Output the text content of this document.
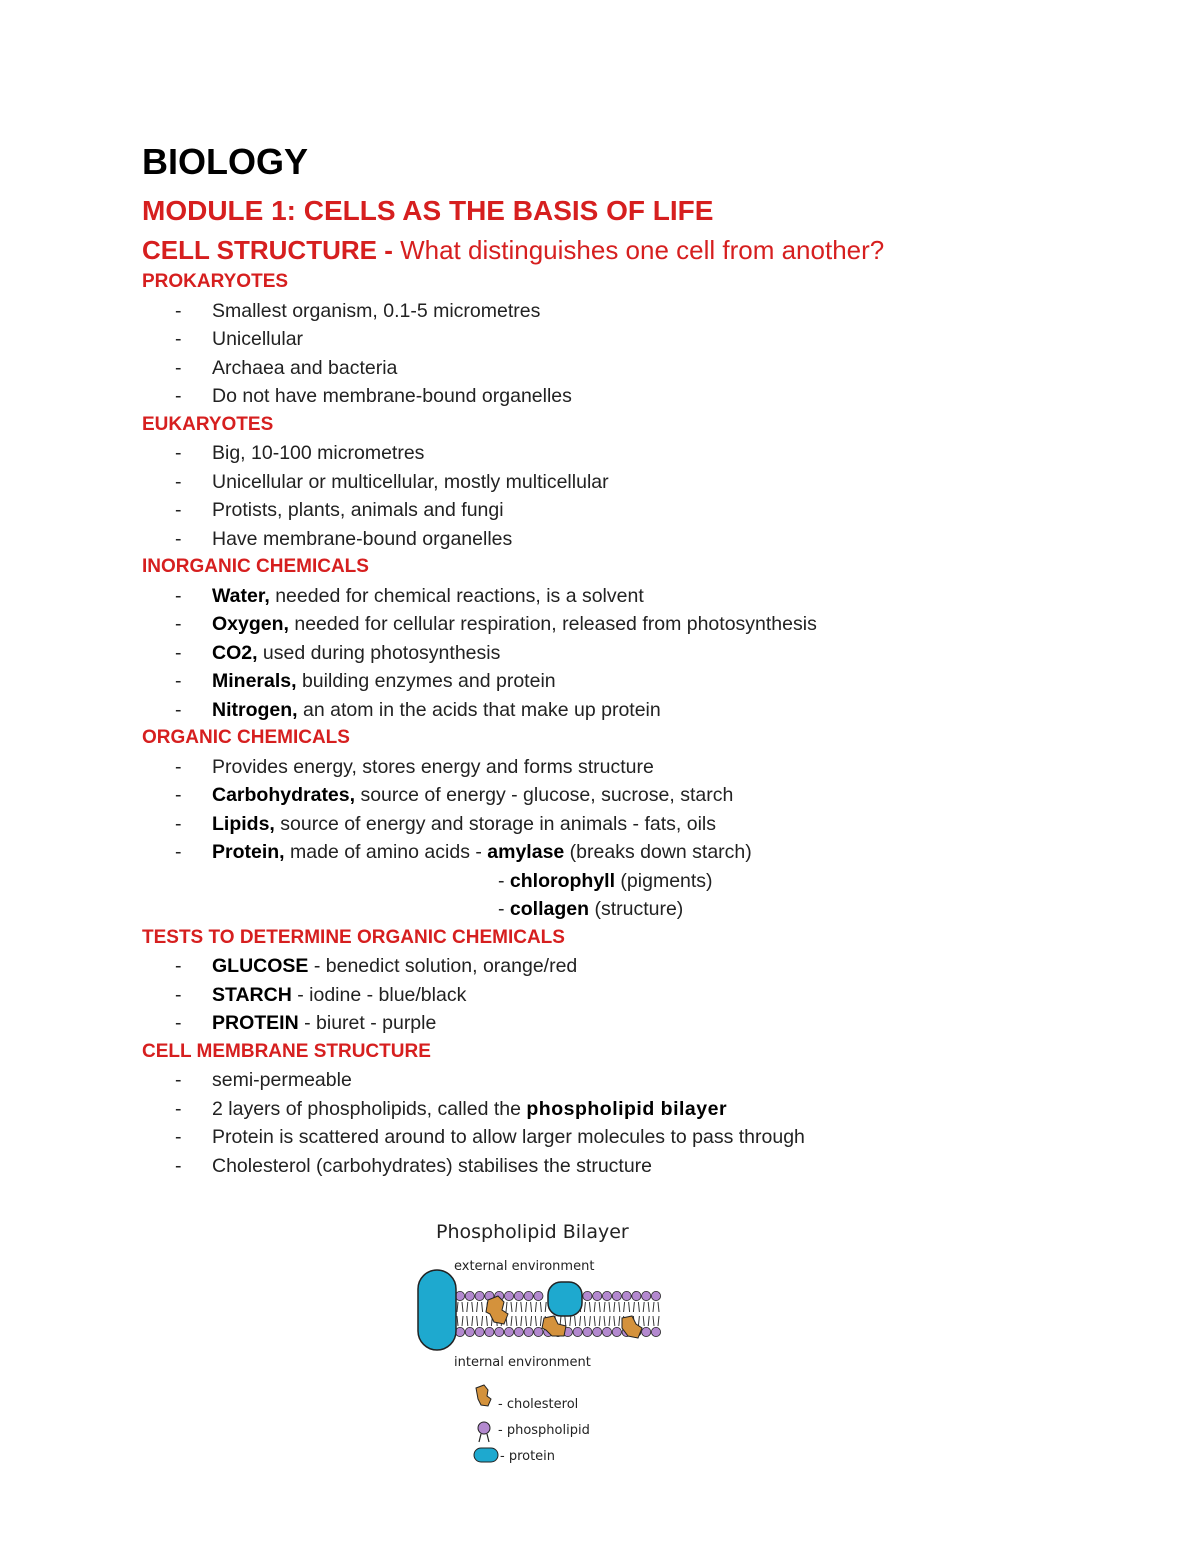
BIOLOGY
MODULE 1: CELLS AS THE BASIS OF LIFE
CELL STRUCTURE - What distinguishes one cell from another?
PROKARYOTES
- Smallest organism, 0.1-5 micrometres
- Unicellular
- Archaea and bacteria
- Do not have membrane-bound organelles
EUKARYOTES
- Big, 10-100 micrometres
- Unicellular or multicellular, mostly multicellular
- Protists, plants, animals and fungi
- Have membrane-bound organelles
INORGANIC CHEMICALS
- Water, needed for chemical reactions, is a solvent
- Oxygen, needed for cellular respiration, released from photosynthesis
- CO2, used during photosynthesis
- Minerals, building enzymes and protein
- Nitrogen, an atom in the acids that make up protein
ORGANIC CHEMICALS
- Provides energy, stores energy and forms structure
- Carbohydrates, source of energy - glucose, sucrose, starch
- Lipids, source of energy and storage in animals - fats, oils
- Protein, made of amino acids - amylase (breaks down starch)
- chlorophyll (pigments)
- collagen (structure)
TESTS TO DETERMINE ORGANIC CHEMICALS
- GLUCOSE - benedict solution, orange/red
- STARCH - iodine - blue/black
- PROTEIN - biuret - purple
CELL MEMBRANE STRUCTURE
- semi-permeable
- 2 layers of phospholipids, called the phospholipid bilayer
- Protein is scattered around to allow larger molecules to pass through
- Cholesterol (carbohydrates) stabilises the structure
Phospholipid Bilayer
external environment
internal environment
- cholesterol
- phospholipid
- protein
